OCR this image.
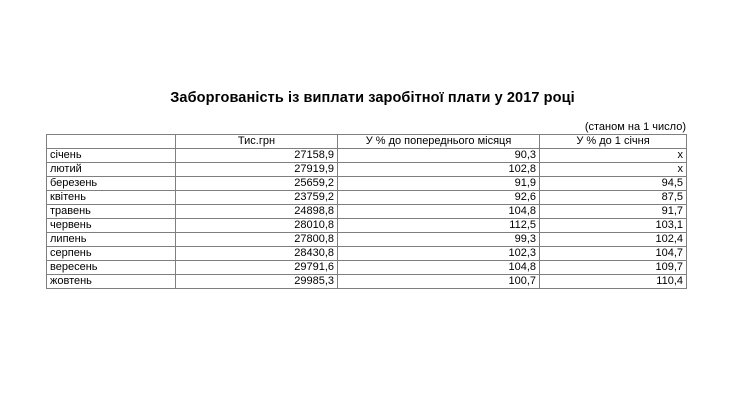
Заборгованість із виплати заробітної плати у 2017 році
(станом на 1 число)
	Тис.грн	У % до попереднього місяця	У % до 1 січня
січень	27158,9	90,3	х
лютий	27919,9	102,8	х
березень	25659,2	91,9	94,5
квітень	23759,2	92,6	87,5
травень	24898,8	104,8	91,7
червень	28010,8	112,5	103,1
липень	27800,8	99,3	102,4
серпень	28430,8	102,3	104,7
вересень	29791,6	104,8	109,7
жовтень	29985,3	100,7	110,4
